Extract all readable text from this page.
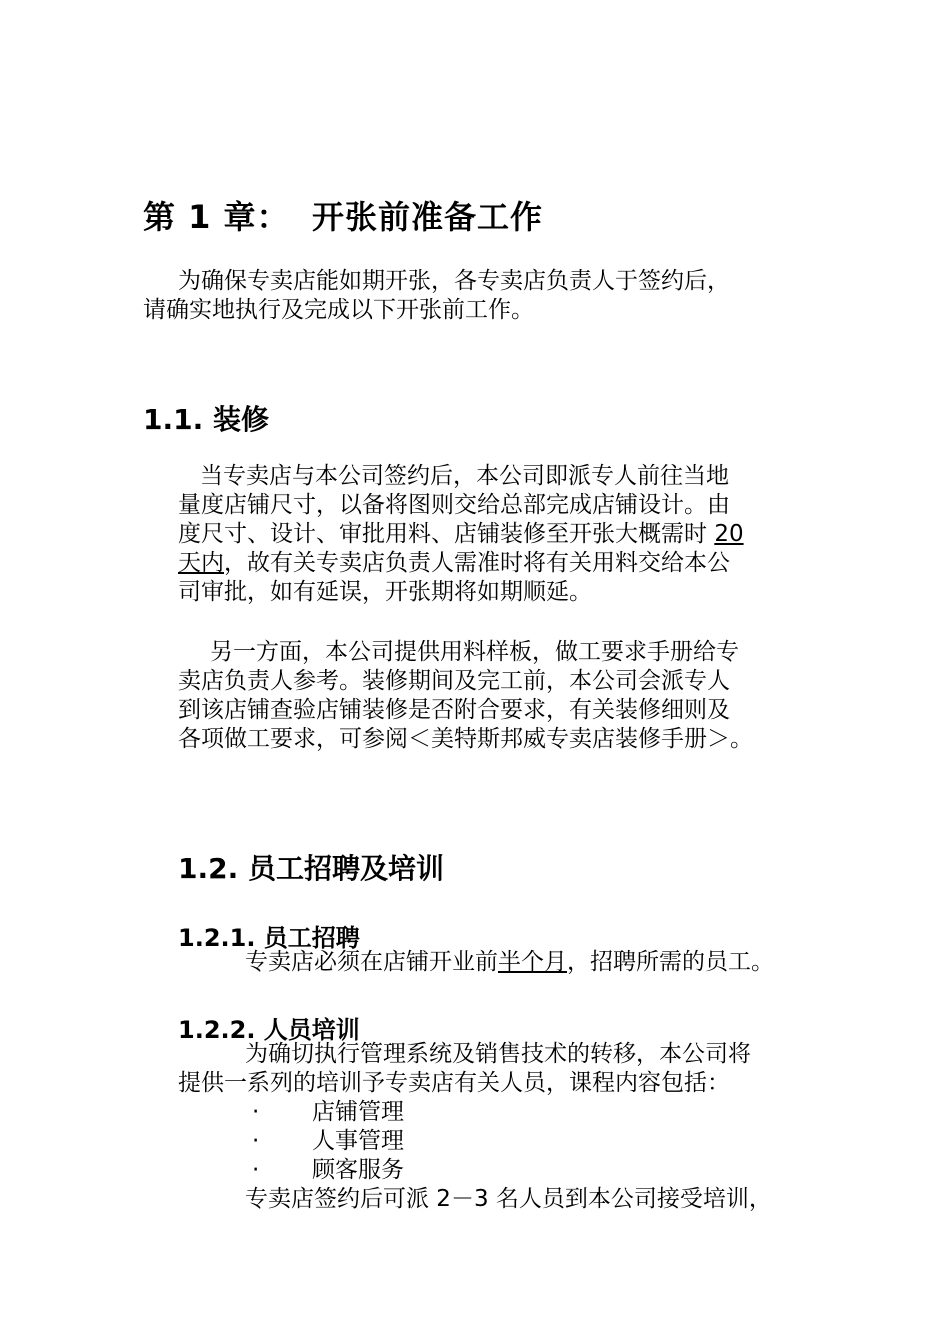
第 1 章： 开张前准备工作
为确保专卖店能如期开张，各专卖店负责人于签约后，
请确实地执行及完成以下开张前工作。
1.1. 装修
当专卖店与本公司签约后，本公司即派专人前往当地
量度店铺尺寸，以备将图则交给总部完成店铺设计。由
度尺寸、设计、审批用料、店铺装修至开张大概需时 20
天内，故有关专卖店负责人需准时将有关用料交给本公
司审批，如有延误，开张期将如期顺延。
另一方面，本公司提供用料样板，做工要求手册给专
卖店负责人参考。装修期间及完工前，本公司会派专人
到该店铺查验店铺装修是否附合要求，有关装修细则及
各项做工要求，可参阅＜美特斯邦威专卖店装修手册＞。
1.2. 员工招聘及培训
1.2.1. 员工招聘
专卖店必须在店铺开业前半个月，招聘所需的员工。
1.2.2. 人员培训
为确切执行管理系统及销售技术的转移，本公司将
提供一系列的培训予专卖店有关人员，课程内容包括：
· 店铺管理
· 人事管理
· 顾客服务
专卖店签约后可派 2－3 名人员到本公司接受培训，
